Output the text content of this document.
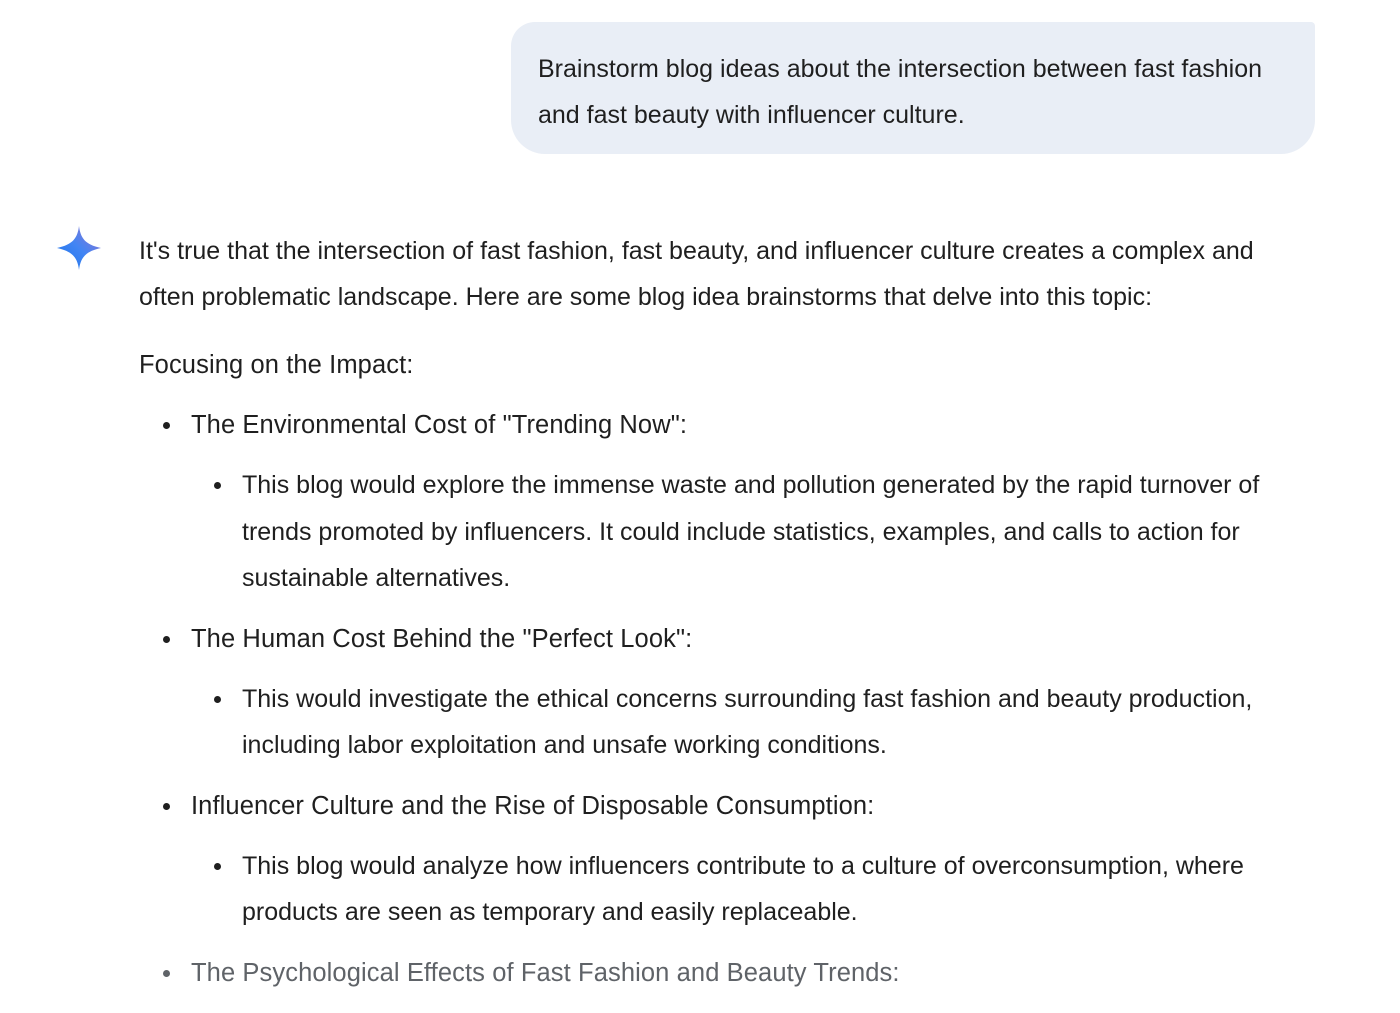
Brainstorm blog ideas about the intersection between fast fashion and fast beauty with influencer culture.

It's true that the intersection of fast fashion, fast beauty, and influencer culture creates a complex and often problematic landscape. Here are some blog idea brainstorms that delve into this topic:

Focusing on the Impact:
The Environmental Cost of "Trending Now":
This blog would explore the immense waste and pollution generated by the rapid turnover of trends promoted by influencers. It could include statistics, examples, and calls to action for sustainable alternatives.
The Human Cost Behind the "Perfect Look":
This would investigate the ethical concerns surrounding fast fashion and beauty production, including labor exploitation and unsafe working conditions.
Influencer Culture and the Rise of Disposable Consumption:
This blog would analyze how influencers contribute to a culture of overconsumption, where products are seen as temporary and easily replaceable.
The Psychological Effects of Fast Fashion and Beauty Trends:
